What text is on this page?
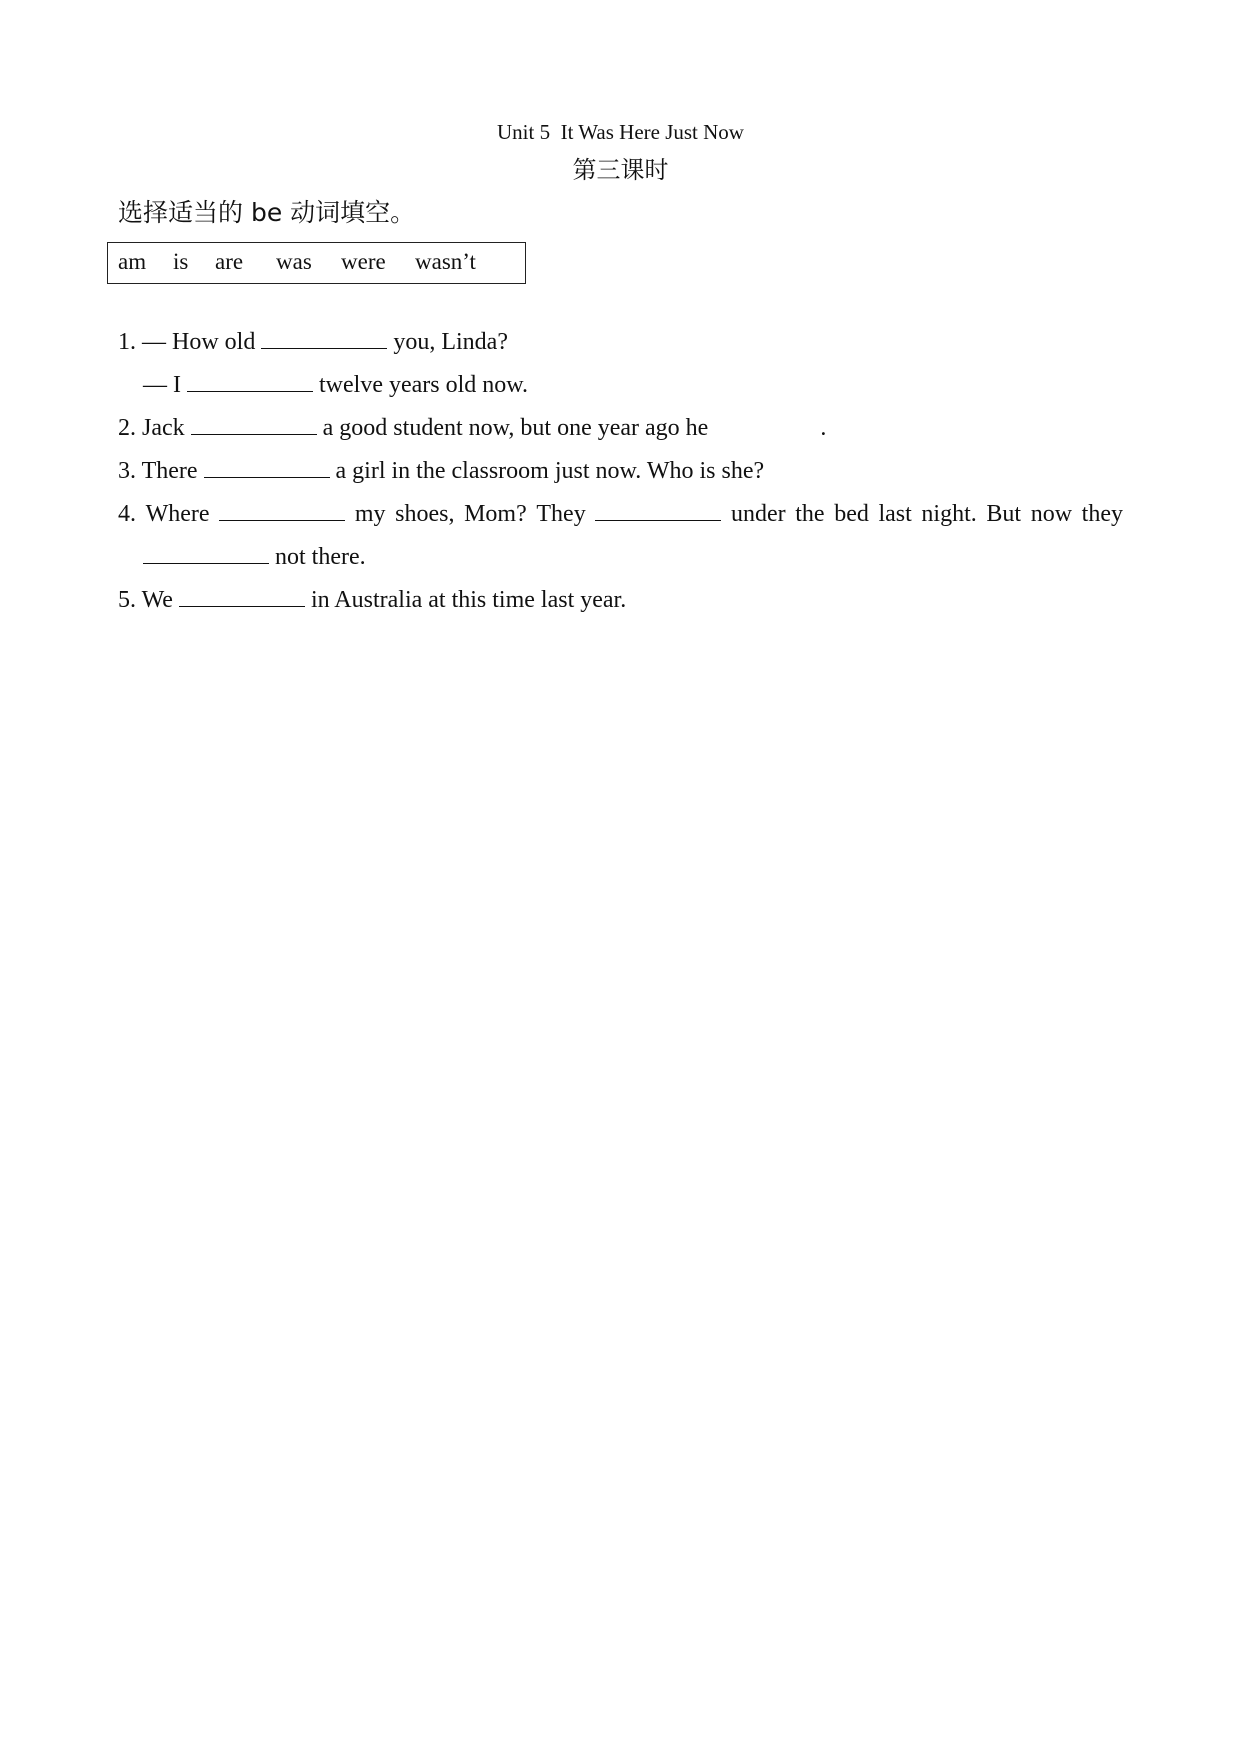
Unit 5  It Was Here Just Now
第三课时
选择适当的 be 动词填空。
am is are was were wasn’t
1. — How old	you, Linda?
— I	twelve years old now.
2. Jack	a good student now, but one year ago he	.
3. There	a girl in the classroom just now. Who is she?
4. Where	my shoes, Mom? They	under the bed last night. But now they
not there.
5. We	in Australia at this time last year.
